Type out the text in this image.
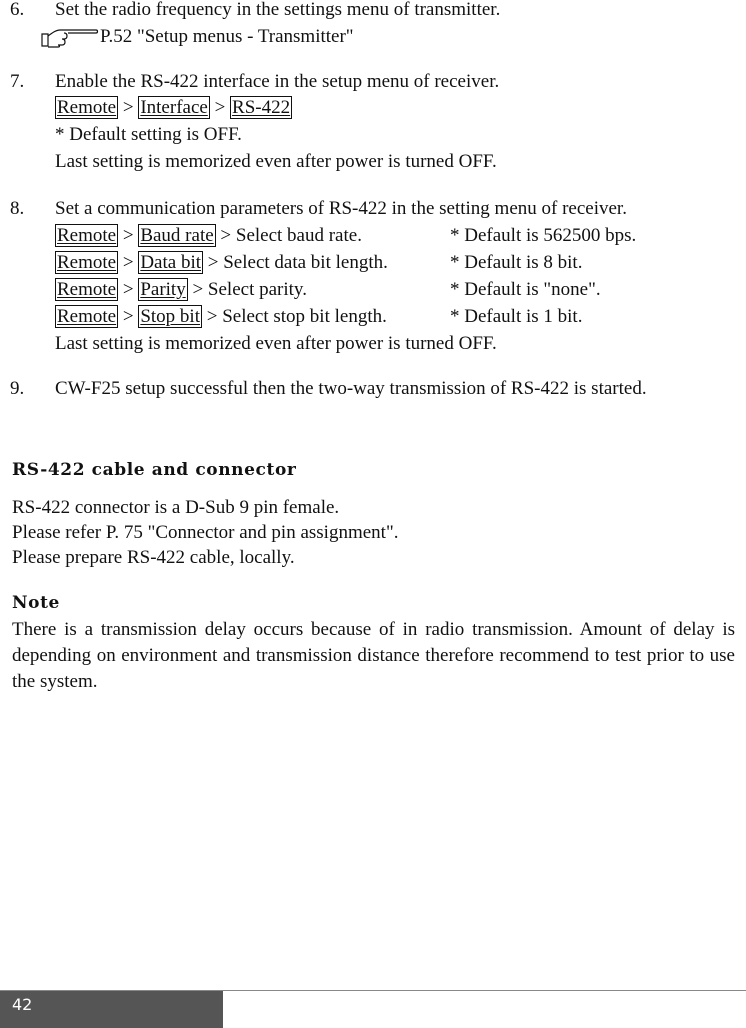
6. Set the radio frequency in the settings menu of transmitter.
P.52 "Setup menus - Transmitter"
7. Enable the RS-422 interface in the setup menu of receiver.
Remote > Interface > RS-422
* Default setting is OFF.
Last setting is memorized even after power is turned OFF.
8. Set a communication parameters of RS-422 in the setting menu of receiver.
Remote > Baud rate > Select baud rate.	* Default is 562500 bps.
Remote > Data bit > Select data bit length.	* Default is 8 bit.
Remote > Parity > Select parity.	* Default is "none".
Remote > Stop bit > Select stop bit length.	* Default is 1 bit.
Last setting is memorized even after power is turned OFF.
9. CW-F25 setup successful then the two-way transmission of RS-422 is started.
RS-422 cable and connector
RS-422 connector is a D-Sub 9 pin female.
Please refer P. 75 "Connector and pin assignment".
Please prepare RS-422 cable, locally.
Note
There is a transmission delay occurs because of in radio transmission. Amount of delay is depending on environment and transmission distance therefore recommend to test prior to use the system.
42
